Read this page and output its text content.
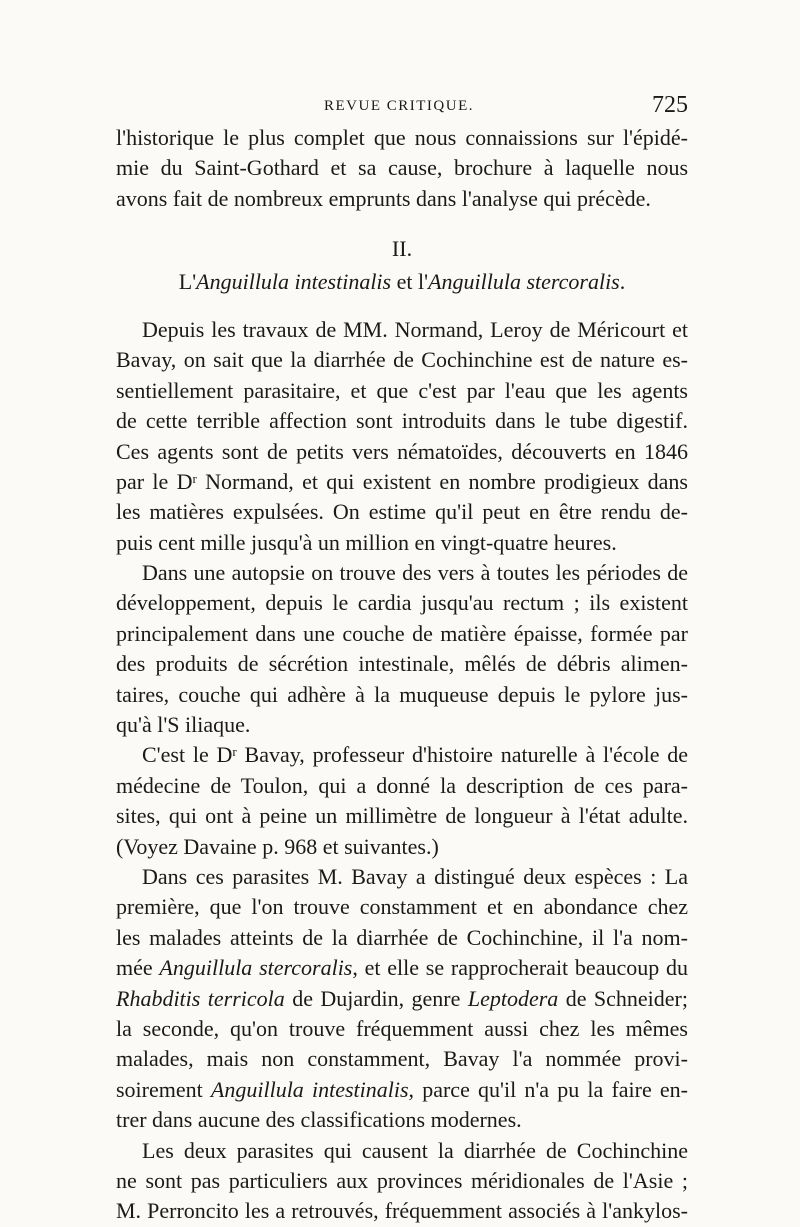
REVUE CRITIQUE.	725
l'historique le plus complet que nous connaissions sur l'épidé-
mie du Saint-Gothard et sa cause, brochure à laquelle nous
avons fait de nombreux emprunts dans l'analyse qui précède.
II.
L'Anguillula intestinalis et l'Anguillula stercoralis.
Depuis les travaux de MM. Normand, Leroy de Méricourt et
Bavay, on sait que la diarrhée de Cochinchine est de nature es-
sentiellement parasitaire, et que c'est par l'eau que les agents
de cette terrible affection sont introduits dans le tube digestif.
Ces agents sont de petits vers nématoïdes, découverts en 1846
par le $D^r$ Normand, et qui existent en nombre prodigieux dans
les matières expulsées. On estime qu'il peut en être rendu de-
puis cent mille jusqu'à un million en vingt-quatre heures.
Dans une autopsie on trouve des vers à toutes les périodes de
développement, depuis le cardia jusqu'au rectum ; ils existent
principalement dans une couche de matière épaisse, formée par
des produits de sécrétion intestinale, mêlés de débris alimen-
taires, couche qui adhère à la muqueuse depuis le pylore jus-
qu'à l'S iliaque.
C'est le $D^r$ Bavay, professeur d'histoire naturelle à l'école de
médecine de Toulon, qui a donné la description de ces para-
sites, qui ont à peine un millimètre de longueur à l'état adulte.
(Voyez Davaine p. 968 et suivantes.)
Dans ces parasites M. Bavay a distingué deux espèces : La
première, que l'on trouve constamment et en abondance chez
les malades atteints de la diarrhée de Cochinchine, il l'a nom-
mée Anguillula stercoralis, et elle se rapprocherait beaucoup du
Rhabditis terricola de Dujardin, genre Leptodera de Schneider;
la seconde, qu'on trouve fréquemment aussi chez les mêmes
malades, mais non constamment, Bavay l'a nommée provi-
soirement Anguillula intestinalis, parce qu'il n'a pu la faire en-
trer dans aucune des classifications modernes.
Les deux parasites qui causent la diarrhée de Cochinchine
ne sont pas particuliers aux provinces méridionales de l'Asie ;
M. Perroncito les a retrouvés, fréquemment associés à l'ankylos-
